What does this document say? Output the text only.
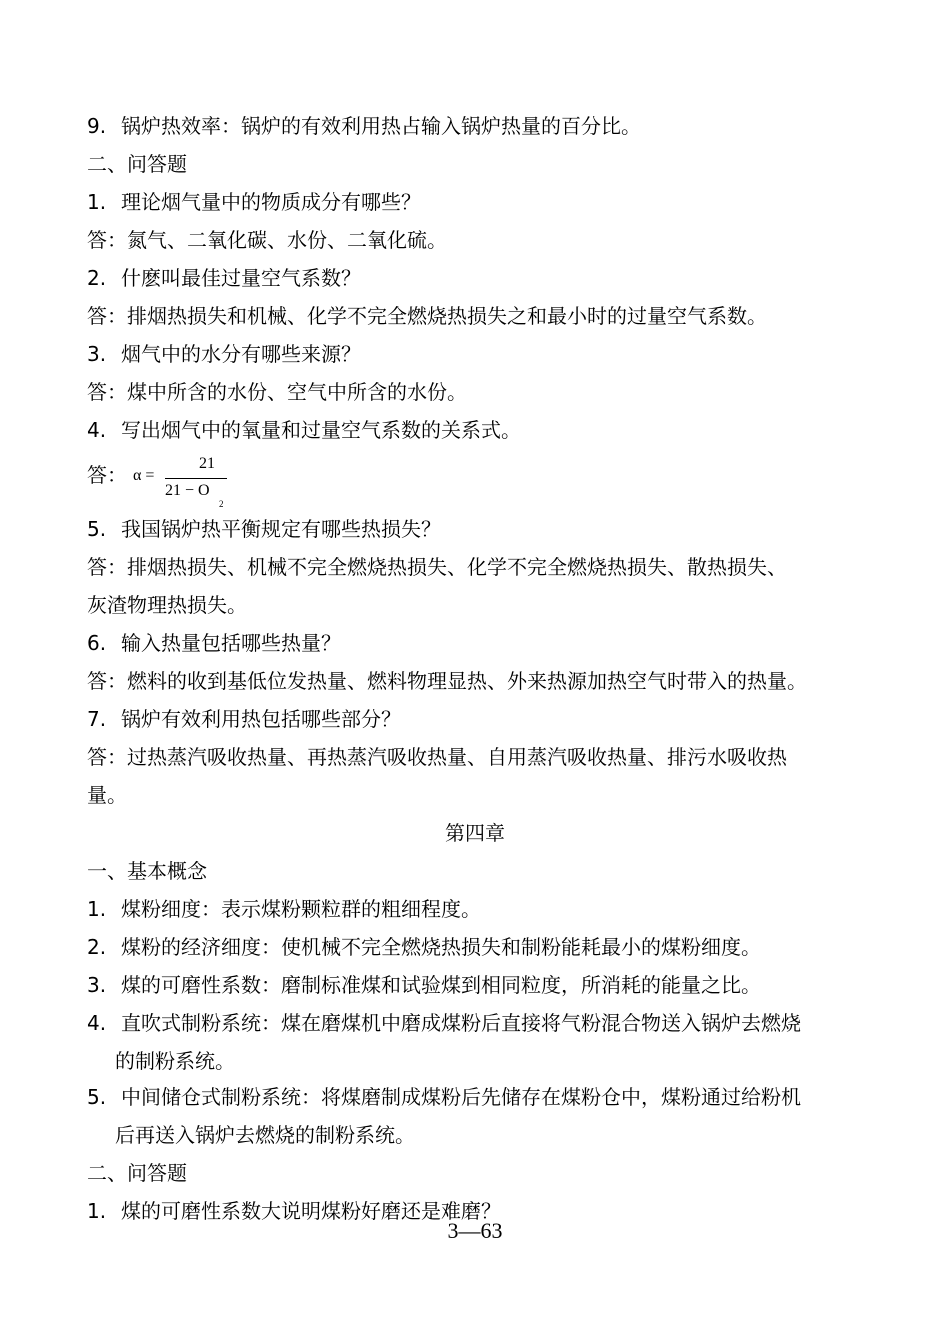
第四章
答： α =
21
21 − O
2
3—63
9. 锅炉热效率：锅炉的有效利用热占输入锅炉热量的百分比。
二、问答题
1. 理论烟气量中的物质成分有哪些？
答：氮气、二氧化碳、水份、二氧化硫。
2. 什麽叫最佳过量空气系数？
答：排烟热损失和机械、化学不完全燃烧热损失之和最小时的过量空气系数。
3. 烟气中的水分有哪些来源？
答：煤中所含的水份、空气中所含的水份。
4. 写出烟气中的氧量和过量空气系数的关系式。
5. 我国锅炉热平衡规定有哪些热损失？
答：排烟热损失、机械不完全燃烧热损失、化学不完全燃烧热损失、散热损失、
灰渣物理热损失。
6. 输入热量包括哪些热量？
答：燃料的收到基低位发热量、燃料物理显热、外来热源加热空气时带入的热量。
7. 锅炉有效利用热包括哪些部分？
答：过热蒸汽吸收热量、再热蒸汽吸收热量、自用蒸汽吸收热量、排污水吸收热
量。
一、基本概念
1. 煤粉细度：表示煤粉颗粒群的粗细程度。
2. 煤粉的经济细度：使机械不完全燃烧热损失和制粉能耗最小的煤粉细度。
3. 煤的可磨性系数：磨制标准煤和试验煤到相同粒度，所消耗的能量之比。
4. 直吹式制粉系统：煤在磨煤机中磨成煤粉后直接将气粉混合物送入锅炉去燃烧
的制粉系统。
5. 中间储仓式制粉系统：将煤磨制成煤粉后先储存在煤粉仓中，煤粉通过给粉机
后再送入锅炉去燃烧的制粉系统。
二、问答题
1. 煤的可磨性系数大说明煤粉好磨还是难磨？
